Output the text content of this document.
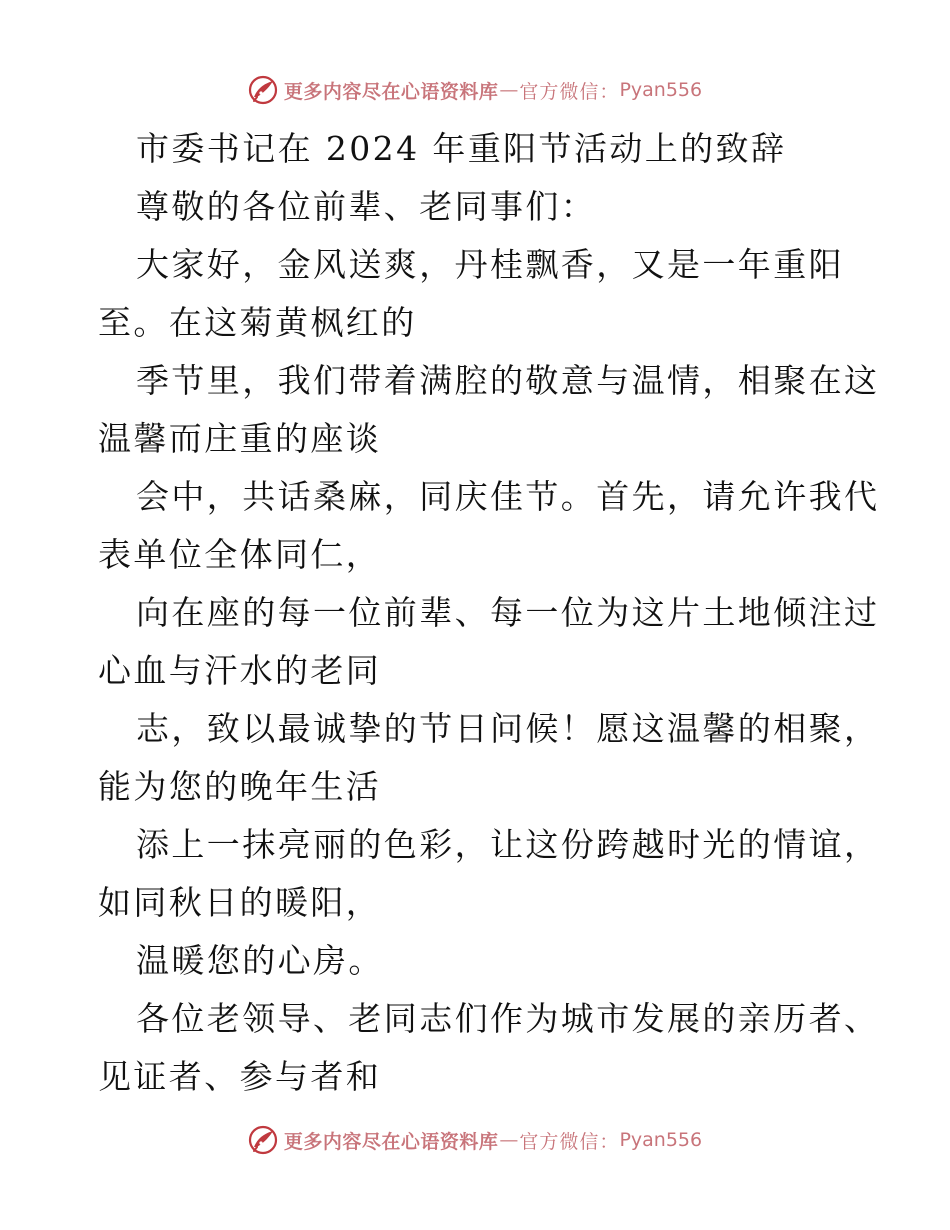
更多内容尽在心语资料库 — 官方微信： Pyan556
市委书记在 2024 年重阳节活动上的致辞
尊敬的各位前辈、老同事们：
大家好，金风送爽，丹桂飘香，又是一年重阳
至。在这菊黄枫红的
季节里，我们带着满腔的敬意与温情，相聚在这
温馨而庄重的座谈
会中，共话桑麻，同庆佳节。首先，请允许我代
表单位全体同仁，
向在座的每一位前辈、每一位为这片土地倾注过
心血与汗水的老同
志，致以最诚挚的节日问候！愿这温馨的相聚，
能为您的晚年生活
添上一抹亮丽的色彩，让这份跨越时光的情谊，
如同秋日的暖阳，
温暖您的心房。
各位老领导、老同志们作为城市发展的亲历者、
见证者、参与者和
更多内容尽在心语资料库 — 官方微信： Pyan556
